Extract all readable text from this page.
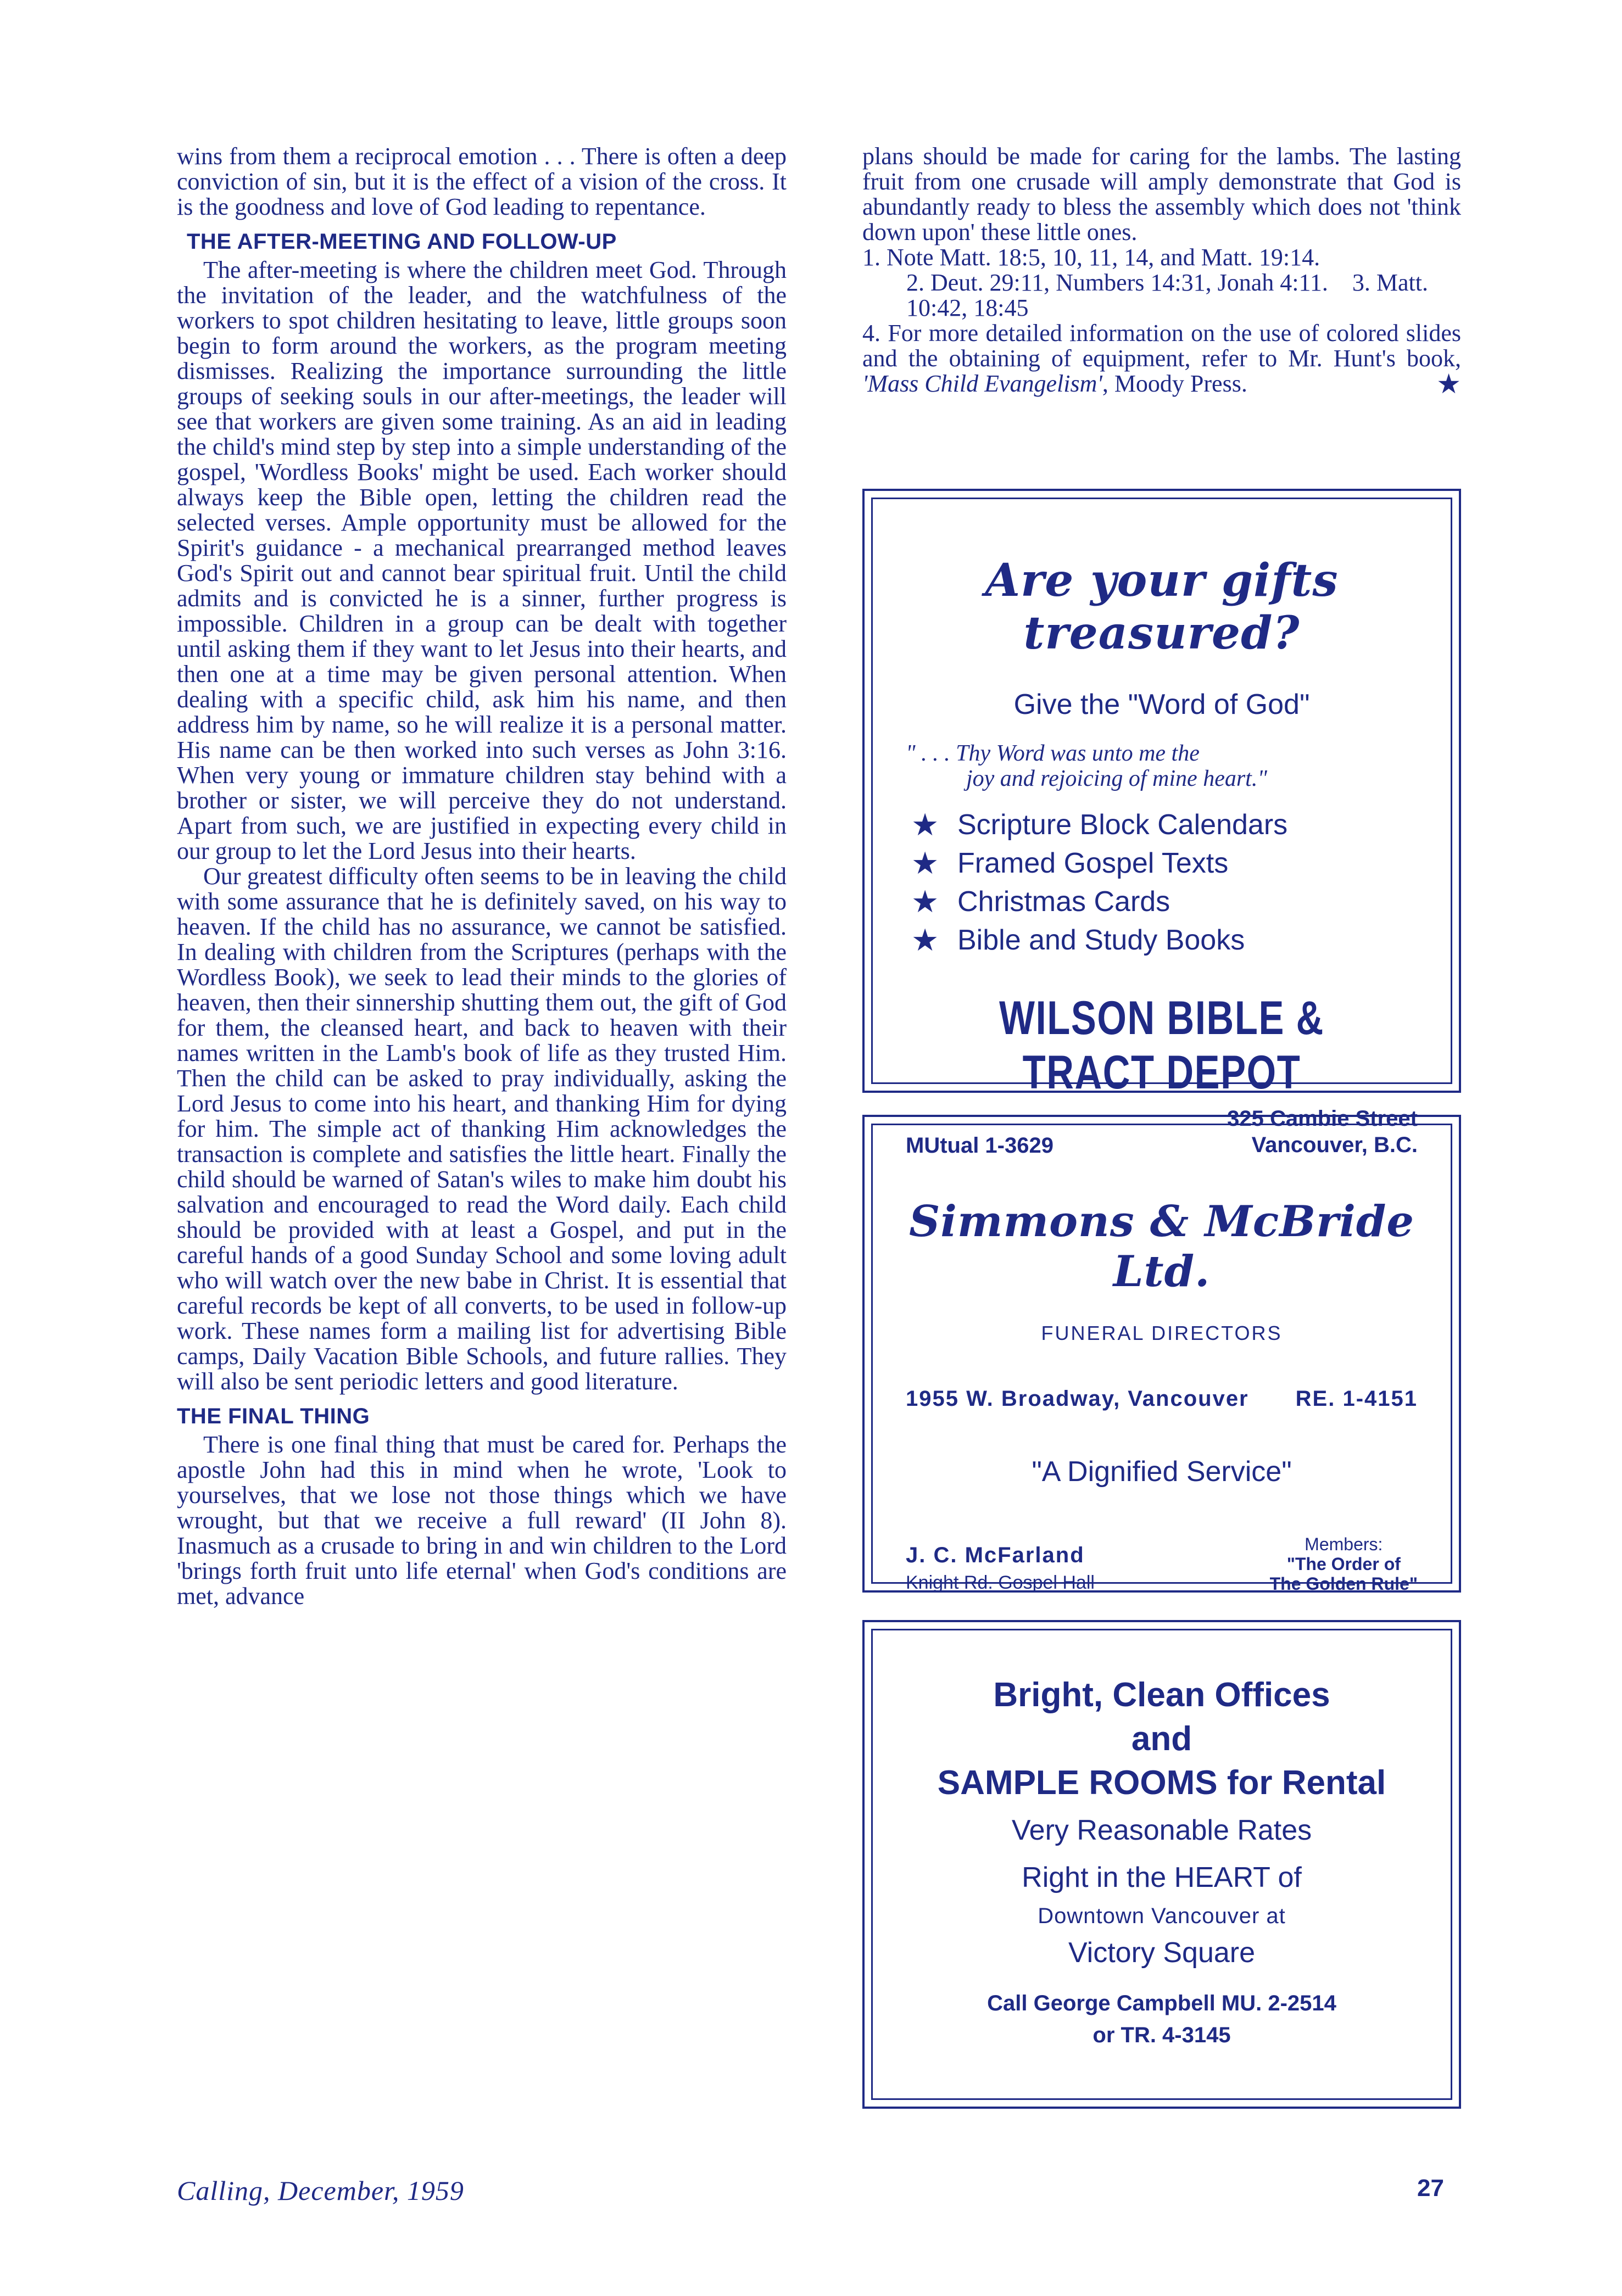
wins from them a reciprocal emotion . . . There is often a deep conviction of sin, but it is the effect of a vision of the cross. It is the goodness and love of God leading to repentance.

THE AFTER-MEETING AND FOLLOW-UP

The after-meeting is where the children meet God. Through the invitation of the leader, and the watchfulness of the workers to spot children hesitating to leave, little groups soon begin to form around the workers, as the program meeting dismisses. Realizing the importance surrounding the little groups of seeking souls in our after-meetings, the leader will see that workers are given some training. As an aid in leading the child's mind step by step into a simple understanding of the gospel, 'Wordless Books' might be used. Each worker should always keep the Bible open, letting the children read the selected verses. Ample opportunity must be allowed for the Spirit's guidance - a mechanical prearranged method leaves God's Spirit out and cannot bear spiritual fruit. Until the child admits and is convicted he is a sinner, further progress is impossible. Children in a group can be dealt with together until asking them if they want to let Jesus into their hearts, and then one at a time may be given personal attention. When dealing with a specific child, ask him his name, and then address him by name, so he will realize it is a personal matter. His name can be then worked into such verses as John 3:16. When very young or immature children stay behind with a brother or sister, we will perceive they do not understand. Apart from such, we are justified in expecting every child in our group to let the Lord Jesus into their hearts.

Our greatest difficulty often seems to be in leaving the child with some assurance that he is definitely saved, on his way to heaven. If the child has no assurance, we cannot be satisfied. In dealing with children from the Scriptures (perhaps with the Wordless Book), we seek to lead their minds to the glories of heaven, then their sinnership shutting them out, the gift of God for them, the cleansed heart, and back to heaven with their names written in the Lamb's book of life as they trusted Him. Then the child can be asked to pray individually, asking the Lord Jesus to come into his heart, and thanking Him for dying for him. The simple act of thanking Him acknowledges the transaction is complete and satisfies the little heart. Finally the child should be warned of Satan's wiles to make him doubt his salvation and encouraged to read the Word daily. Each child should be provided with at least a Gospel, and put in the careful hands of a good Sunday School and some loving adult who will watch over the new babe in Christ. It is essential that careful records be kept of all converts, to be used in follow-up work. These names form a mailing list for advertising Bible camps, Daily Vacation Bible Schools, and future rallies. They will also be sent periodic letters and good literature.

THE FINAL THING

There is one final thing that must be cared for. Perhaps the apostle John had this in mind when he wrote, 'Look to yourselves, that we lose not those things which we have wrought, but that we receive a full reward' (II John 8). Inasmuch as a crusade to bring in and win children to the Lord 'brings forth fruit unto life eternal' when God's conditions are met, advance

plans should be made for caring for the lambs. The lasting fruit from one crusade will amply demonstrate that God is abundantly ready to bless the assembly which does not 'think down upon' these little ones.

1. Note Matt. 18:5, 10, 11, 14, and Matt. 19:14.

2. Deut. 29:11, Numbers 14:31, Jonah 4:11. 3. Matt. 10:42, 18:45

4. For more detailed information on the use of colored slides and the obtaining of equipment, refer to Mr. Hunt's book, 'Mass Child Evangelism', Moody Press.	★
Are your gifts treasured?
Give the "Word of God"
" . . . Thy Word was unto me the
joy and rejoicing of mine heart."
★ Scripture Block Calendars
★ Framed Gospel Texts
★ Christmas Cards
★ Bible and Study Books
WILSON BIBLE & TRACT DEPOT
MUtual 1-3629
325 Cambie Street
Vancouver, B.C.
Simmons & McBride Ltd.
FUNERAL DIRECTORS
1955 W. Broadway, Vancouver RE. 1-4151
"A Dignified Service"
J. C. McFarland
Knight Rd. Gospel Hall
Members:
"The Order of
The Golden Rule"
Bright, Clean Offices
and
SAMPLE ROOMS for Rental
Very Reasonable Rates
Right in the HEART of
Downtown Vancouver at
Victory Square
Call George Campbell MU. 2-2514
or TR. 4-3145
Calling, December, 1959	27
